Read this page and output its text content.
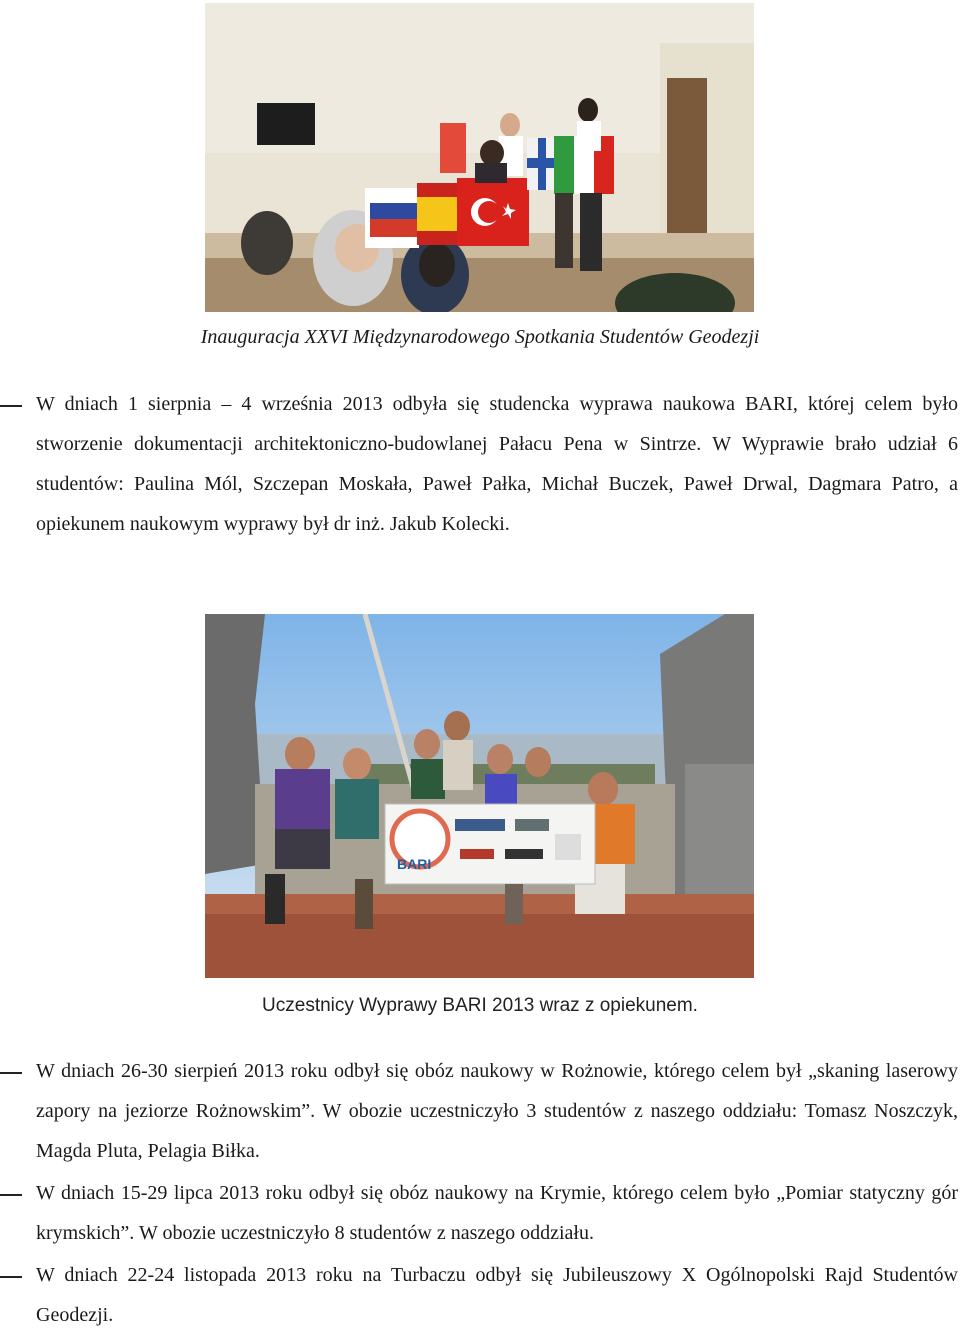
Inauguracja XXVI Międzynarodowego Spotkania Studentów Geodezji

W dniach 1 sierpnia – 4 września 2013 odbyła się studencka wyprawa naukowa BARI, której celem było stworzenie dokumentacji architektoniczno-budowlanej Pałacu Pena w Sintrze. W Wyprawie brało udział 6 studentów: Paulina Mól, Szczepan Moskała, Paweł Pałka, Michał Buczek, Paweł Drwal, Dagmara Patro, a opiekunem naukowym wyprawy był dr inż. Jakub Kolecki.

BARI
Uczestnicy Wyprawy BARI 2013 wraz z opiekunem.

W dniach 26-30 sierpień 2013 roku odbył się obóz naukowy w Rożnowie, którego celem był „skaning laserowy zapory na jeziorze Rożnowskim”. W obozie uczestniczyło 3 studentów z naszego oddziału: Tomasz Noszczyk, Magda Pluta, Pelagia Biłka.

W dniach 15-29 lipca 2013 roku odbył się obóz naukowy na Krymie, którego celem było „Pomiar statyczny gór krymskich”. W obozie uczestniczyło 8 studentów z naszego oddziału.

W dniach 22-24 listopada 2013 roku na Turbaczu odbył się Jubileuszowy X Ogólnopolski Rajd Studentów Geodezji.
